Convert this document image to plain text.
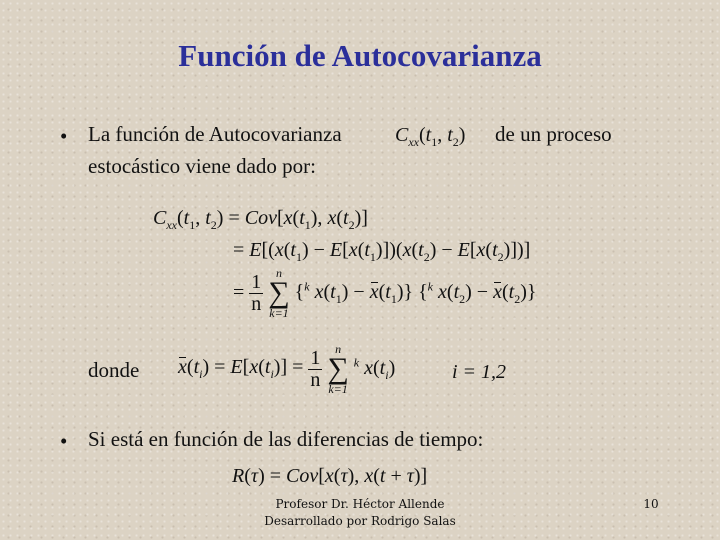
Función de Autocovarianza
• La función de Autocovarianza	$C_{xx}(t_1$, $t_2$) de un proceso
estocástico viene dado por:
$C_{xx}(t_1$, $t_2) = Cov[x(t_1)$, $x(t_2)$]
= $E[(x(t_1) - E[x(t_1)])(x(t_2) - E[x(t_2)])]$
= $\frac{1}{n}$
	n
∑
k=1
{$^k$ $x(t_1) - x(t_1)$} {$^k$ $x(t_2) - x(t_2)$}
donde $x(t_i) = E[x(t_i)] = \frac{1}{n}$
	n
∑
k=1
$^k$ $x(t_i)$	i = 1,2
• Si está en función de las diferencias de tiempo:
R(τ) = Cov[x(τ), x(t + τ)]
Profesor Dr. Héctor Allende
Desarrollado por Rodrigo Salas
10
